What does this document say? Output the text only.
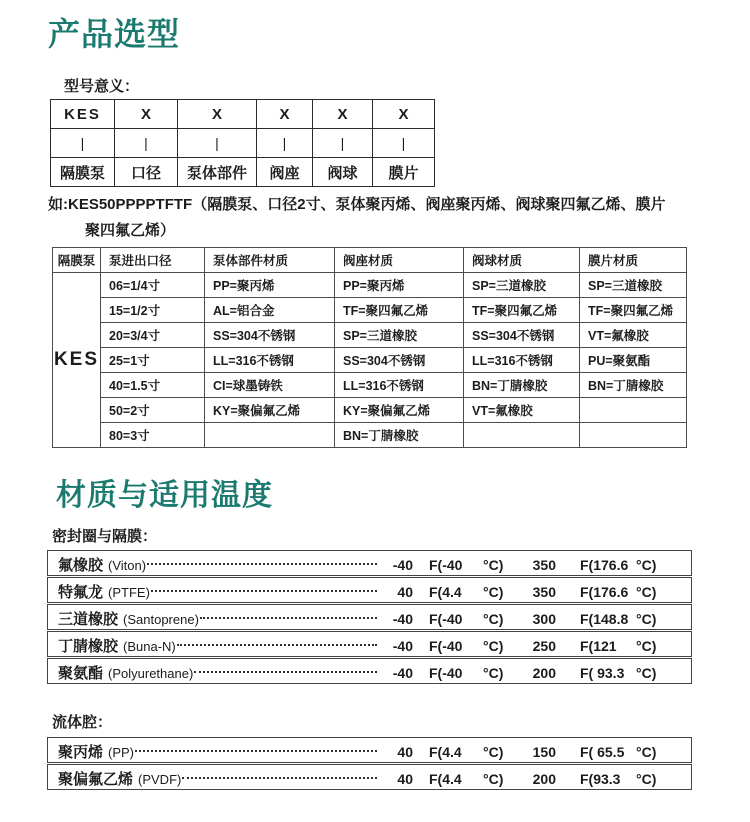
产品选型
型号意义：
KES	X	X	X	X	X
|	|	|	|	|	|
隔膜泵	口径	泵体部件	阀座	阀球	膜片

如:KES50PPPPTFTF（隔膜泵、口径2寸、泵体聚丙烯、阀座聚丙烯、阀球聚四氟乙烯、膜片聚四氟乙烯）

隔膜泵	泵进出口径	泵体部件材质	阀座材质	阀球材质	膜片材质
KES	06=1/4寸	PP=聚丙烯	PP=聚丙烯	SP=三道橡胶	SP=三道橡胶
	15=1/2寸	AL=铝合金	TF=聚四氟乙烯	TF=聚四氟乙烯	TF=聚四氟乙烯
	20=3/4寸	SS=304不锈钢	SP=三道橡胶	SS=304不锈钢	VT=氟橡胶
	25=1寸	LL=316不锈钢	SS=304不锈钢	LL=316不锈钢	PU=聚氨酯
	40=1.5寸	CI=球墨铸铁	LL=316不锈钢	BN=丁腈橡胶	BN=丁腈橡胶
	50=2寸	KY=聚偏氟乙烯	KY=聚偏氟乙烯	VT=氟橡胶	
	80=3寸		BN=丁腈橡胶		
材质与适用温度
密封圈与隔膜：
氟橡胶 (Viton)	-40 F(-40	°C)	350 F(176.6 °C)
特氟龙 (PTFE)	40 F(4.4	°C)	350 F(176.6 °C)
三道橡胶 (Santoprene)	-40 F(-40	°C)	300 F(148.8 °C)
丁腈橡胶 (Buna-N)	-40 F(-40	°C)	250 F(121	°C)
聚氨酯 (Polyurethane)	-40 F(-40	°C)	200 F( 93.3 °C)
流体腔：
聚丙烯 (PP)	40 F(4.4	°C)	150 F( 65.5 °C)
聚偏氟乙烯 (PVDF)	40 F(4.4	°C)	200 F(93.3	°C)
